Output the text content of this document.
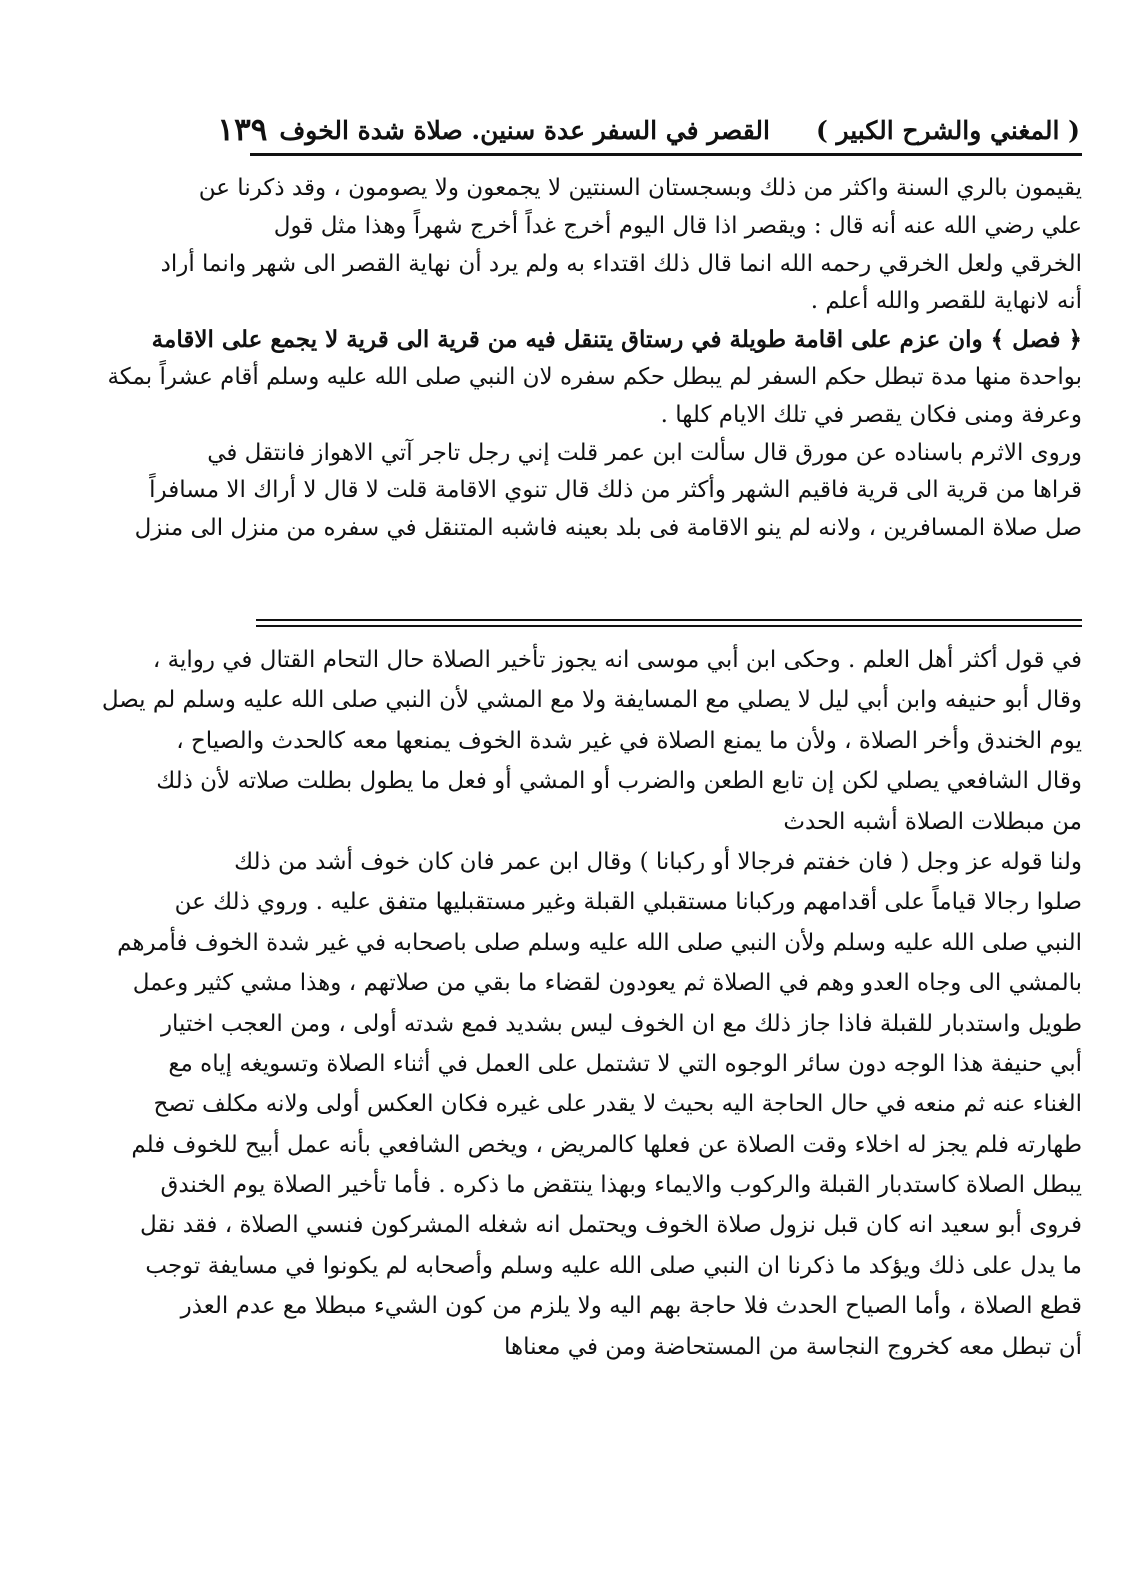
( المغني والشرح الكبير )
القصر في السفر عدة سنين. صلاة شدة الخوف
١٣٩
يقيمون بالري السنة واكثر من ذلك وبسجستان السنتين لا يجمعون ولا يصومون ، وقد ذكرنا عن
علي رضي الله عنه أنه قال : ويقصر اذا قال اليوم أخرج غداً أخرج شهراً وهذا مثل قول
الخرقي ولعل الخرقي رحمه الله انما قال ذلك اقتداء به ولم يرد أن نهاية القصر الى شهر وانما أراد
أنه لانهاية للقصر والله أعلم .
﴿ فصل ﴾ وان عزم على اقامة طويلة في رستاق يتنقل فيه من قرية الى قرية لا يجمع على الاقامة
بواحدة منها مدة تبطل حكم السفر لم يبطل حكم سفره لان النبي صلى الله عليه وسلم أقام عشراً بمكة
وعرفة ومنى فكان يقصر في تلك الايام كلها .
وروى الاثرم باسناده عن مورق قال سألت ابن عمر قلت إني رجل تاجر آتي الاهواز فانتقل في
قراها من قرية الى قرية فاقيم الشهر وأكثر من ذلك قال تنوي الاقامة قلت لا قال لا أراك الا مسافراً
صل صلاة المسافرين ، ولانه لم ينو الاقامة فى بلد بعينه فاشبه المتنقل في سفره من منزل الى منزل
في قول أكثر أهل العلم . وحكى ابن أبي موسى انه يجوز تأخير الصلاة حال التحام القتال في رواية ،
وقال أبو حنيفه وابن أبي ليل لا يصلي مع المسايفة ولا مع المشي لأن النبي صلى الله عليه وسلم لم يصل
يوم الخندق وأخر الصلاة ، ولأن ما يمنع الصلاة في غير شدة الخوف يمنعها معه كالحدث والصياح ،
وقال الشافعي يصلي لكن إن تابع الطعن والضرب أو المشي أو فعل ما يطول بطلت صلاته لأن ذلك
من مبطلات الصلاة أشبه الحدث
ولنا قوله عز وجل ( فان خفتم فرجالا أو ركبانا ) وقال ابن عمر فان كان خوف أشد من ذلك
صلوا رجالا قياماً على أقدامهم وركبانا مستقبلي القبلة وغير مستقبليها متفق عليه . وروي ذلك عن
النبي صلى الله عليه وسلم ولأن النبي صلى الله عليه وسلم صلى باصحابه في غير شدة الخوف فأمرهم
بالمشي الى وجاه العدو وهم في الصلاة ثم يعودون لقضاء ما بقي من صلاتهم ، وهذا مشي كثير وعمل
طويل واستدبار للقبلة فاذا جاز ذلك مع ان الخوف ليس بشديد فمع شدته أولى ، ومن العجب اختيار
أبي حنيفة هذا الوجه دون سائر الوجوه التي لا تشتمل على العمل في أثناء الصلاة وتسويغه إياه مع
الغناء عنه ثم منعه في حال الحاجة اليه بحيث لا يقدر على غيره فكان العكس أولى ولانه مكلف تصح
طهارته فلم يجز له اخلاء وقت الصلاة عن فعلها كالمريض ، ويخص الشافعي بأنه عمل أبيح للخوف فلم
يبطل الصلاة كاستدبار القبلة والركوب والايماء وبهذا ينتقض ما ذكره . فأما تأخير الصلاة يوم الخندق
فروى أبو سعيد انه كان قبل نزول صلاة الخوف ويحتمل انه شغله المشركون فنسي الصلاة ، فقد نقل
ما يدل على ذلك ويؤكد ما ذكرنا ان النبي صلى الله عليه وسلم وأصحابه لم يكونوا في مسايفة توجب
قطع الصلاة ، وأما الصياح الحدث فلا حاجة بهم اليه ولا يلزم من كون الشيء مبطلا مع عدم العذر
أن تبطل معه كخروج النجاسة من المستحاضة ومن في معناها
